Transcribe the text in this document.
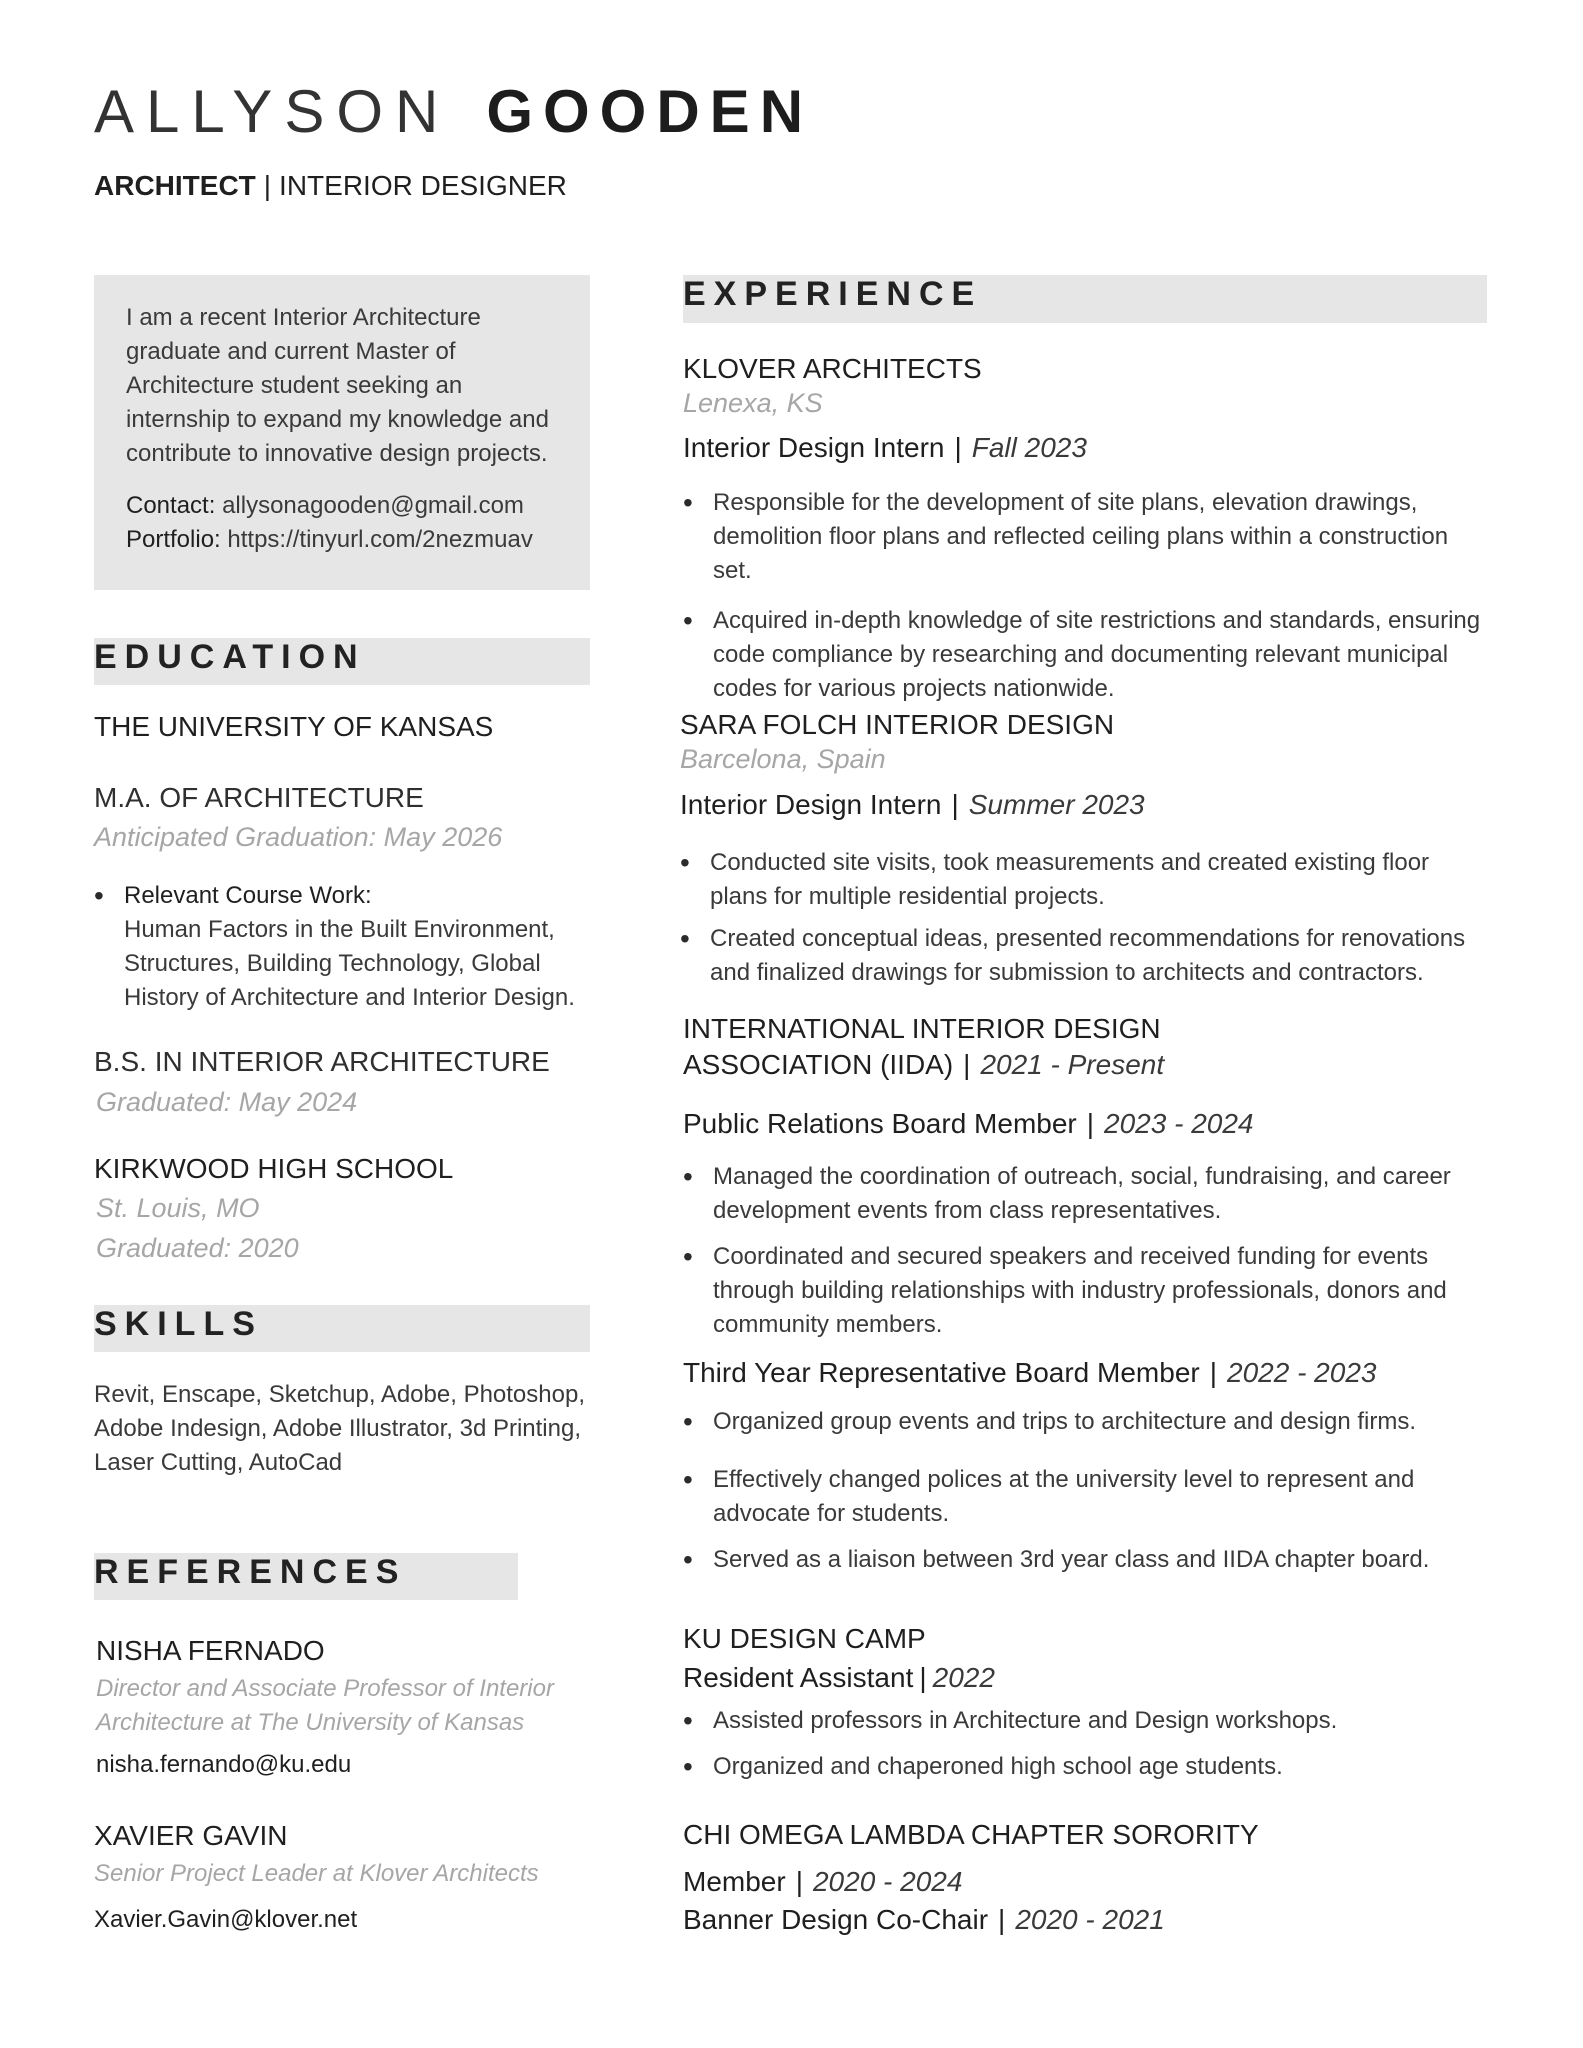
ALLYSON GOODEN
ARCHITECT | INTERIOR DESIGNER
I am a recent Interior Architecture graduate and current Master of Architecture student seeking an internship to expand my knowledge and contribute to innovative design projects.
Contact: allysonagooden@gmail.com
Portfolio: https://tinyurl.com/2nezmuav
EDUCATION
THE UNIVERSITY OF KANSAS
M.A. OF ARCHITECTURE
Anticipated Graduation: May 2026
• Relevant Course Work:
Human Factors in the Built Environment, Structures, Building Technology, Global History of Architecture and Interior Design.
B.S. IN INTERIOR ARCHITECTURE
Graduated: May 2024
KIRKWOOD HIGH SCHOOL
St. Louis, MO
Graduated: 2020
SKILLS
Revit, Enscape, Sketchup, Adobe, Photoshop, Adobe Indesign, Adobe Illustrator, 3d Printing, Laser Cutting, AutoCad
REFERENCES
NISHA FERNADO
Director and Associate Professor of Interior Architecture at The University of Kansas
nisha.fernando@ku.edu
XAVIER GAVIN
Senior Project Leader at Klover Architects
Xavier.Gavin@klover.net
EXPERIENCE
KLOVER ARCHITECTS
Lenexa, KS
Interior Design Intern | Fall 2023
• Responsible for the development of site plans, elevation drawings, demolition floor plans and reflected ceiling plans within a construction set.
• Acquired in-depth knowledge of site restrictions and standards, ensuring code compliance by researching and documenting relevant municipal codes for various projects nationwide.
SARA FOLCH INTERIOR DESIGN
Barcelona, Spain
Interior Design Intern | Summer 2023
• Conducted site visits, took measurements and created existing floor plans for multiple residential projects.
• Created conceptual ideas, presented recommendations for renovations and finalized drawings for submission to architects and contractors.
INTERNATIONAL INTERIOR DESIGN
ASSOCIATION (IIDA) | 2021 - Present
Public Relations Board Member | 2023 - 2024
• Managed the coordination of outreach, social, fundraising, and career development events from class representatives.
• Coordinated and secured speakers and received funding for events through building relationships with industry professionals, donors and community members.
Third Year Representative Board Member | 2022 - 2023
• Organized group events and trips to architecture and design firms.
• Effectively changed polices at the university level to represent and advocate for students.
• Served as a liaison between 3rd year class and IIDA chapter board.
KU DESIGN CAMP
Resident Assistant | 2022
• Assisted professors in Architecture and Design workshops.
• Organized and chaperoned high school age students.
CHI OMEGA LAMBDA CHAPTER SORORITY
Member | 2020 - 2024
Banner Design Co-Chair | 2020 - 2021
